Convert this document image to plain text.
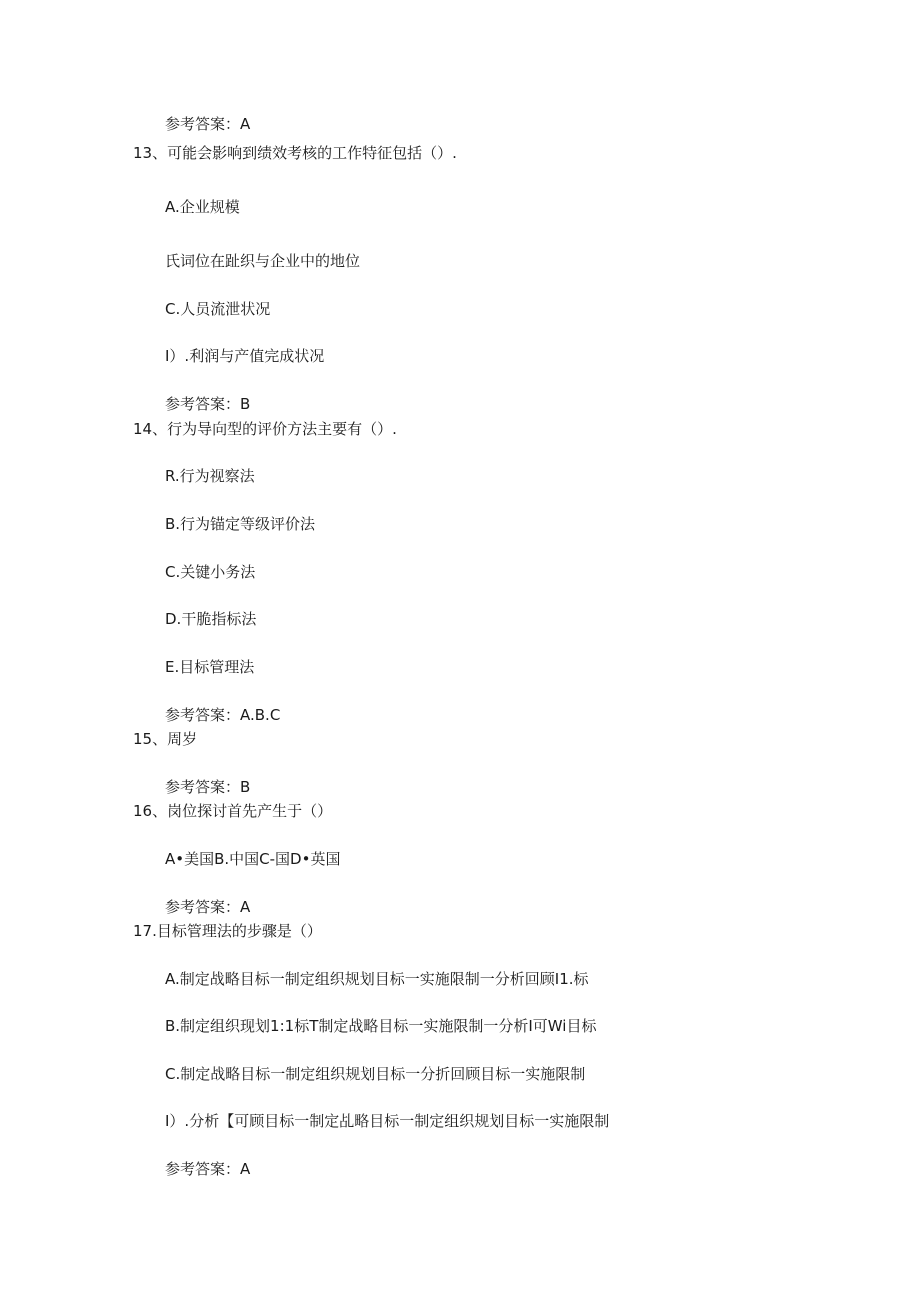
参考答案：A
13、可能会影响到绩效考核的工作特征包括（）.
A.企业规模
氏词位在趾织与企业中的地位
C.人员流泄状况
I）.利润与产值完成状况
参考答案：B
14、行为导向型的评价方法主要有（）.
R.行为视察法
B.行为锚定等级评价法
C.关键小务法
D.干脆指标法
E.目标管理法
参考答案：A.B.C
15、周岁
参考答案：B
16、岗位探讨首先产生于（）
A•美国B.中国C-国D•英国
参考答案：A
17.目标管理法的步骤是（）
A.制定战略目标一制定组织规划目标一实施限制一分析回顾I1.标
B.制定组织现划1:1标T制定战略目标一实施限制一分析I可Wi目标
C.制定战略目标一制定组织规划目标一分折回顾目标一实施限制
I）.分析【可顾目标一制定乩略目标一制定组织规划目标一实施限制
参考答案：A
